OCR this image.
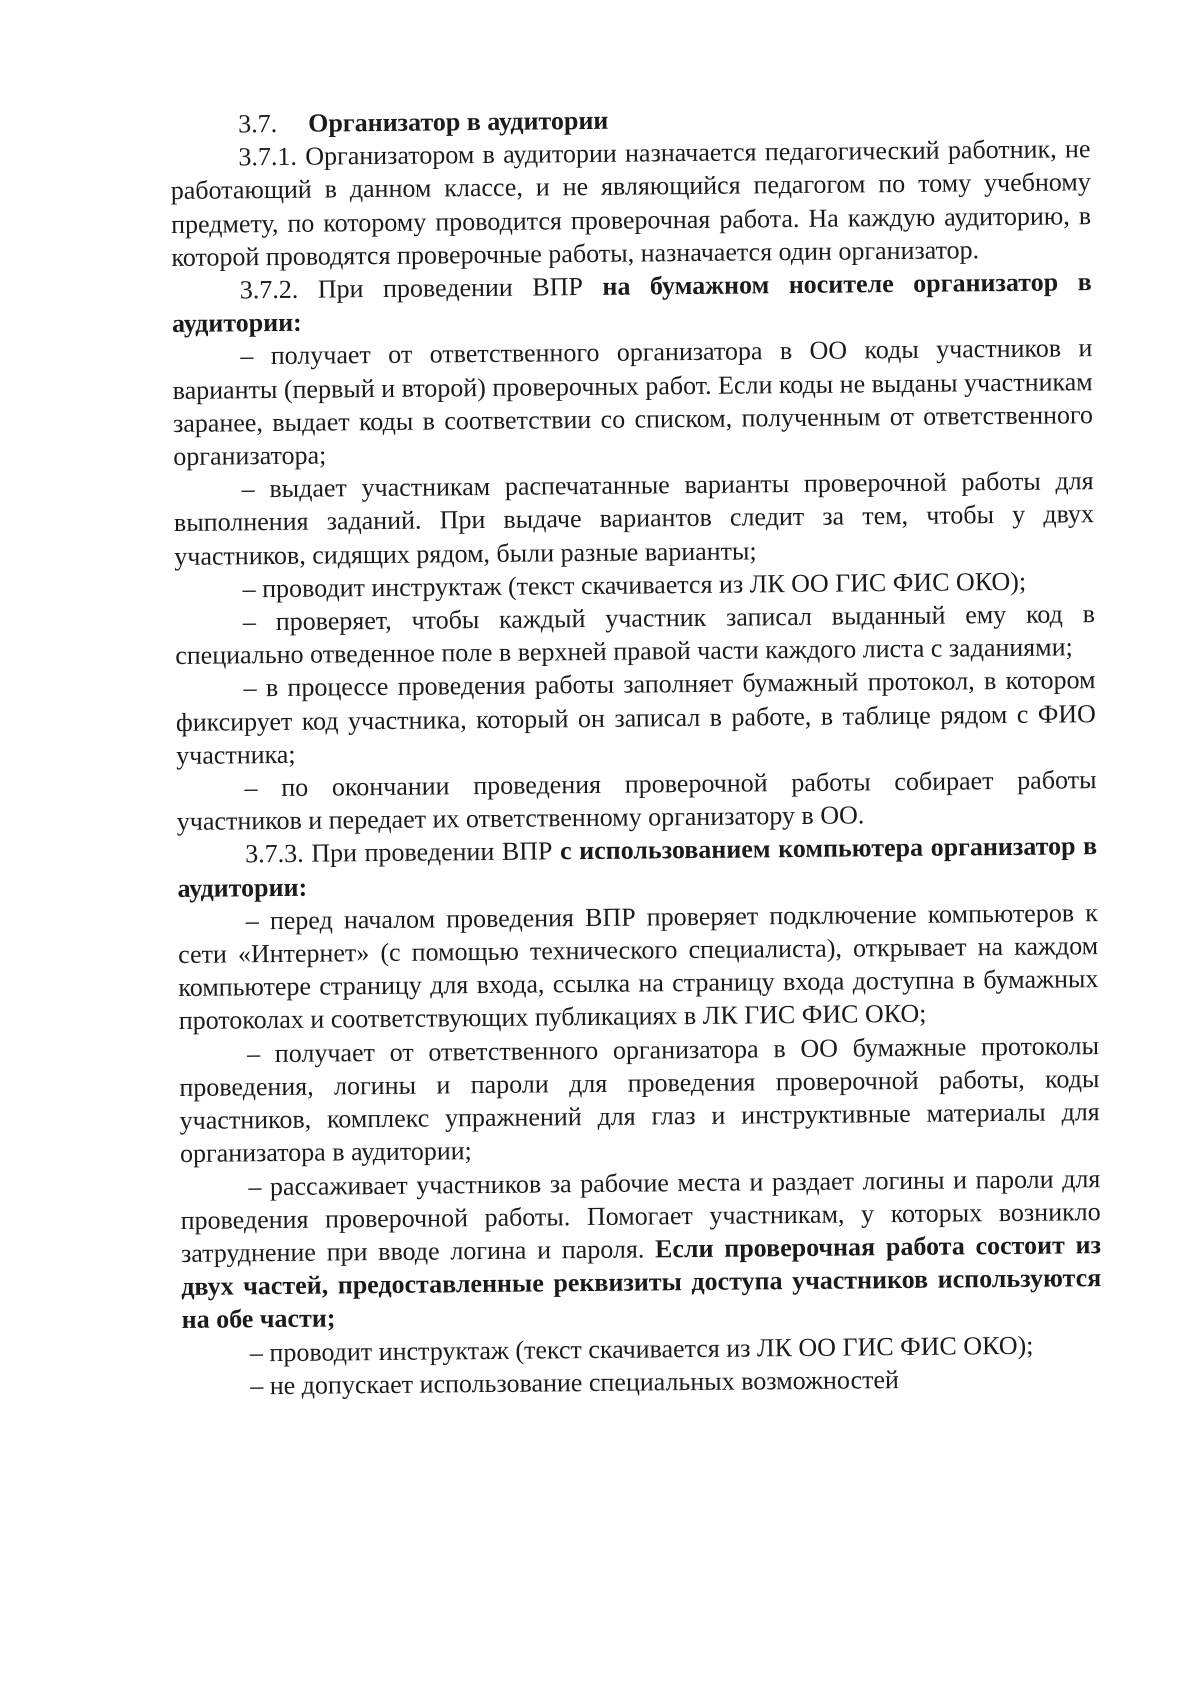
3.7. Организатор в аудитории

3.7.1. Организатором в аудитории назначается педагогический работник, не работающий в данном классе, и не являющийся педагогом по тому учебному предмету, по которому проводится проверочная работа. На каждую аудиторию, в которой проводятся проверочные работы, назначается один организатор.

3.7.2. При проведении ВПР на бумажном носителе организатор в аудитории:

– получает от ответственного организатора в ОО коды участников и варианты (первый и второй) проверочных работ. Если коды не выданы участникам заранее, выдает коды в соответствии со списком, полученным от ответственного организатора;

– выдает участникам распечатанные варианты проверочной работы для выполнения заданий. При выдаче вариантов следит за тем, чтобы у двух участников, сидящих рядом, были разные варианты;

– проводит инструктаж (текст скачивается из ЛК ОО ГИС ФИС ОКО);

– проверяет, чтобы каждый участник записал выданный ему код в специально отведенное поле в верхней правой части каждого листа с заданиями;

– в процессе проведения работы заполняет бумажный протокол, в котором фиксирует код участника, который он записал в работе, в таблице рядом с ФИО участника;

– по окончании проведения проверочной работы собирает работы участников и передает их ответственному организатору в ОО.

3.7.3. При проведении ВПР с использованием компьютера организатор в аудитории:

– перед началом проведения ВПР проверяет подключение компьютеров к сети «Интернет» (с помощью технического специалиста), открывает на каждом компьютере страницу для входа, ссылка на страницу входа доступна в бумажных протоколах и соответствующих публикациях в ЛК ГИС ФИС ОКО;

– получает от ответственного организатора в ОО бумажные протоколы проведения, логины и пароли для проведения проверочной работы, коды участников, комплекс упражнений для глаз и инструктивные материалы для организатора в аудитории;

– рассаживает участников за рабочие места и раздает логины и пароли для проведения проверочной работы. Помогает участникам, у которых возникло затруднение при вводе логина и пароля. Если проверочная работа состоит из двух частей, предоставленные реквизиты доступа участников используются на обе части;

– проводит инструктаж (текст скачивается из ЛК ОО ГИС ФИС ОКО);

– не допускает использование специальных возможностей
